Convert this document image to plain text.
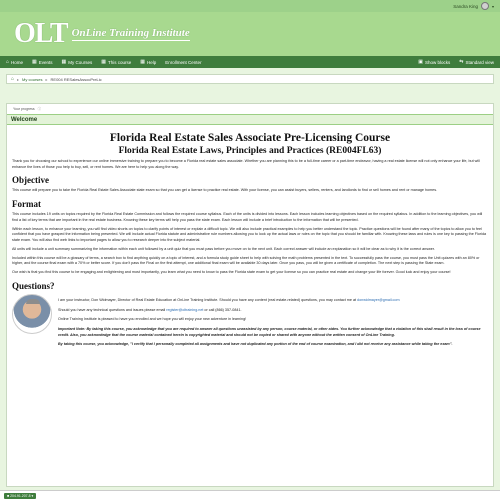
Sandra King	▾
OLT OnLine Training Institute
⌂ Home ▦ Events ▦ My Courses ▦ This course ▦ Help Enrollment Center	▣ Show blocks ⇆ Standard view
⌂ ▸ My courses ▸ RE004 RESalesAssocPreLic
Your progress ⓘ
Welcome
Florida Real Estate Sales Associate Pre-Licensing Course
Florida Real Estate Laws, Principles and Practices (RE004FL63)

Thank you for choosing our school to experience our online immersive training to prepare you to become a Florida real estate sales associate. Whether you are planning this to be a full-time career or a part-time endeavor, having a real estate license will not only enhance your life, but will enhance the lives of those you help to buy, sell, or rent homes. We are here to help you along the way.

Objective

This course will prepare you to take the Florida Real Estate Sales Associate state exam so that you can get a license to practice real estate. With your license, you can assist buyers, sellers, renters, and landlords to find or sell homes and rent or manage homes.

Format

This course includes 19 units on topics required by the Florida Real Estate Commission and follows the required course syllabus. Each of the units is divided into lessons. Each lesson includes learning objectives based on the required syllabus. In addition to the learning objectives, you will find a list of key terms that are important in the real estate business. Knowing these key terms will help you pass the state exam. Each lesson will include a brief introduction to the information that will be presented.

Within each lesson, to enhance your learning, you will find video shorts on topics to clarify points of interest or explain a difficult topic. We will also include practical examples to help you better understand the topic. Practice questions will be found after many of the topics to allow you to feel confident that you have grasped the information being presented. We will include actual Florida statute and administrative rule numbers allowing you to look up the actual laws or rules on the topic that you should be familiar with. Knowing these laws and rules is one key to passing the Florida state exam. You will also find web links to important pages to allow you to research deeper into the subject material.

All units will include a unit summary summarizing the information within each unit followed by a unit quiz that you must pass before you move on to the next unit. Each correct answer will include an explanation so it will be clear as to why it is the correct answer.

Included within this course will be a glossary of terms, a search box to find anything quickly on a topic of interest, and a formula study guide sheet to help with solving the math problems presented in the text. To successfully pass the course, you must pass the Unit quizzes with an 80% or higher, and the course final exam with a 70% or better score. If you don't pass the Final on the first attempt, one additional final exam will be available 30 days later. Once you pass, you will be given a certificate of completion. The next step is passing the State exam.

Our wish is that you find this course to be engaging and enlightening and most importantly, you learn what you need to know to pass the Florida state exam to get your license so you can practice real estate and change your life forever. Good luck and enjoy your course!

Questions?

I am your instructor, Don Widmayer, Director of Real Estate Education at OnLine Training Institute. Should you have any content (real estate-related) questions, you may contact me at donwidmayer@gmail.com

Should you have any technical questions and issues please email register@oltraining.net or call (866) 357-0841.

Online Training Institute is pleased to have you enrolled and we hope you will enjoy your new adventure in learning!

Important Note: By taking this course, you acknowledge that you are required to answer all questions unassisted by any person, course material, or other aides. You further acknowledge that a violation of this shall result in the loss of course credit. Also, you acknowledge that the course material contained herein is copyrighted material and should not be copied or shared with anyone without the written consent of OnLine Training.

By taking this course, you acknowledge, "I certify that I personally completed all assignments and have not duplicated any portion of the end of course examination, and I did not receive any assistance while taking the exam".

■ 204.91.207.8 ▾
